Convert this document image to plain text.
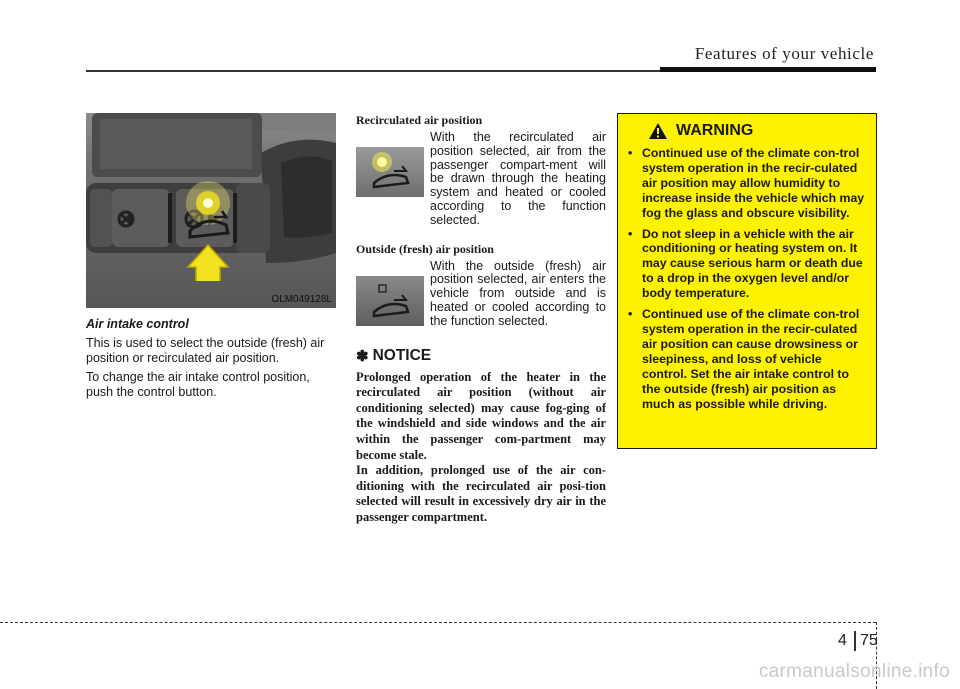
Features of your vehicle
OLM049128L
Air intake control

This is used to select the outside (fresh) air position or recirculated air position.

To change the air intake control position, push the control button.

Recirculated air position
With the recirculated air position selected, air from the passenger compart-ment will be drawn through the heating system and heated or cooled according to the function selected.
Outside (fresh) air position
With the outside (fresh) air position selected, air enters the vehicle from outside and is heated or cooled according to the function selected.
✽ NOTICE
Prolonged operation of the heater in the recirculated air position (without air conditioning selected) may cause fog-ging of the windshield and side windows and the air within the passenger com-partment may become stale.
In addition, prolonged use of the air con-ditioning with the recirculated air posi-tion selected will result in excessively dry air in the passenger compartment.
WARNING
• Continued use of the climate con-trol system operation in the recir-culated air position may allow humidity to increase inside the vehicle which may fog the glass and obscure visibility.
• Do not sleep in a vehicle with the air conditioning or heating system on. It may cause serious harm or death due to a drop in the oxygen level and/or body temperature.
• Continued use of the climate con-trol system operation in the recir-culated air position can cause drowsiness or sleepiness, and loss of vehicle control. Set the air intake control to the outside (fresh) air position as much as possible while driving.
4 75
carmanualsonline.info
